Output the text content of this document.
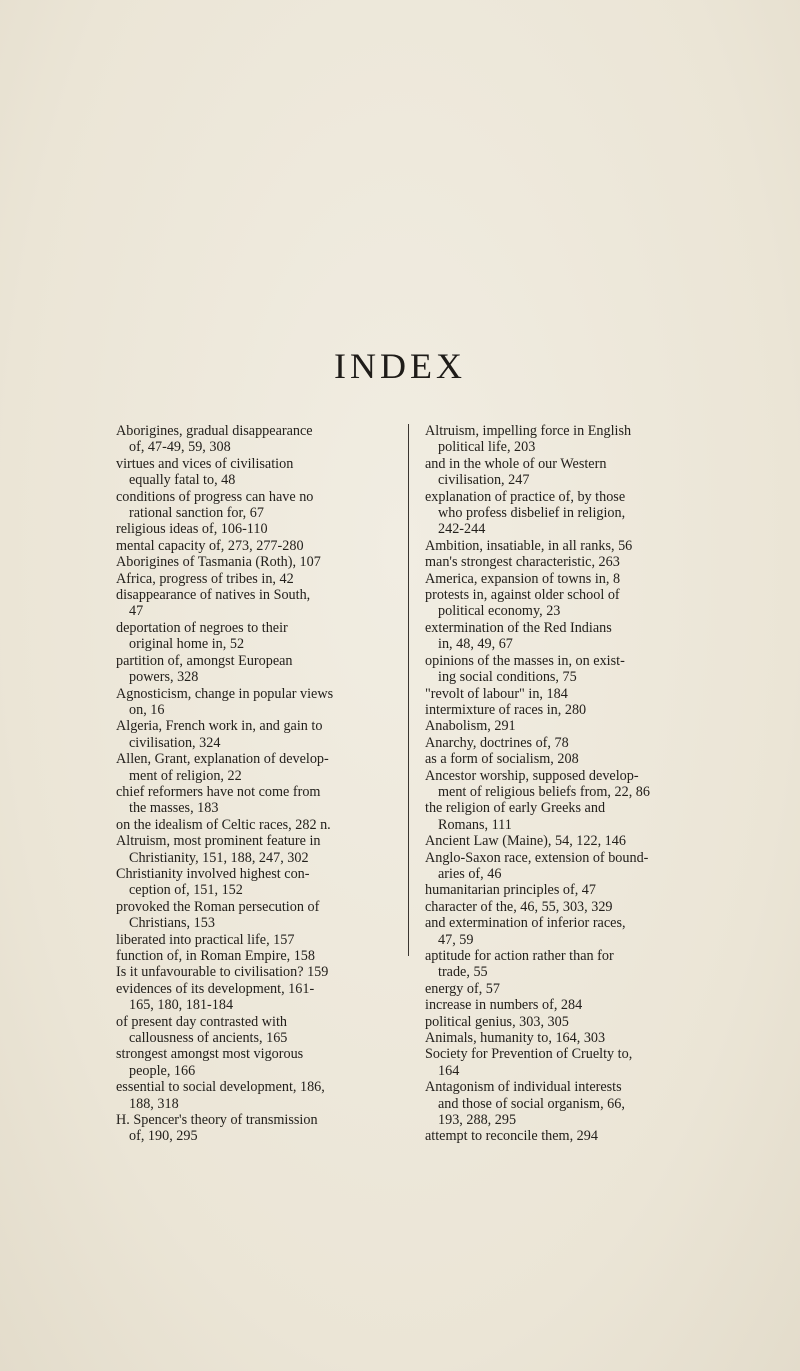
INDEX
Aborigines, gradual disappearance
of, 47-49, 59, 308
virtues and vices of civilisation
equally fatal to, 48
conditions of progress can have no
rational sanction for, 67
religious ideas of, 106-110
mental capacity of, 273, 277-280
Aborigines of Tasmania (Roth), 107
Africa, progress of tribes in, 42
disappearance of natives in South,
47
deportation of negroes to their
original home in, 52
partition of, amongst European
powers, 328
Agnosticism, change in popular views
on, 16
Algeria, French work in, and gain to
civilisation, 324
Allen, Grant, explanation of develop-
ment of religion, 22
chief reformers have not come from
the masses, 183
on the idealism of Celtic races, 282 n.
Altruism, most prominent feature in
Christianity, 151, 188, 247, 302
Christianity involved highest con-
ception of, 151, 152
provoked the Roman persecution of
Christians, 153
liberated into practical life, 157
function of, in Roman Empire, 158
Is it unfavourable to civilisation? 159
evidences of its development, 161-
165, 180, 181-184
of present day contrasted with
callousness of ancients, 165
strongest amongst most vigorous
people, 166
essential to social development, 186,
188, 318
H. Spencer's theory of transmission
of, 190, 295
Altruism, impelling force in English
political life, 203
and in the whole of our Western
civilisation, 247
explanation of practice of, by those
who profess disbelief in religion,
242-244
Ambition, insatiable, in all ranks, 56
man's strongest characteristic, 263
America, expansion of towns in, 8
protests in, against older school of
political economy, 23
extermination of the Red Indians
in, 48, 49, 67
opinions of the masses in, on exist-
ing social conditions, 75
"revolt of labour" in, 184
intermixture of races in, 280
Anabolism, 291
Anarchy, doctrines of, 78
as a form of socialism, 208
Ancestor worship, supposed develop-
ment of religious beliefs from, 22, 86
the religion of early Greeks and
Romans, 111
Ancient Law (Maine), 54, 122, 146
Anglo-Saxon race, extension of bound-
aries of, 46
humanitarian principles of, 47
character of the, 46, 55, 303, 329
and extermination of inferior races,
47, 59
aptitude for action rather than for
trade, 55
energy of, 57
increase in numbers of, 284
political genius, 303, 305
Animals, humanity to, 164, 303
Society for Prevention of Cruelty to,
164
Antagonism of individual interests
and those of social organism, 66,
193, 288, 295
attempt to reconcile them, 294
